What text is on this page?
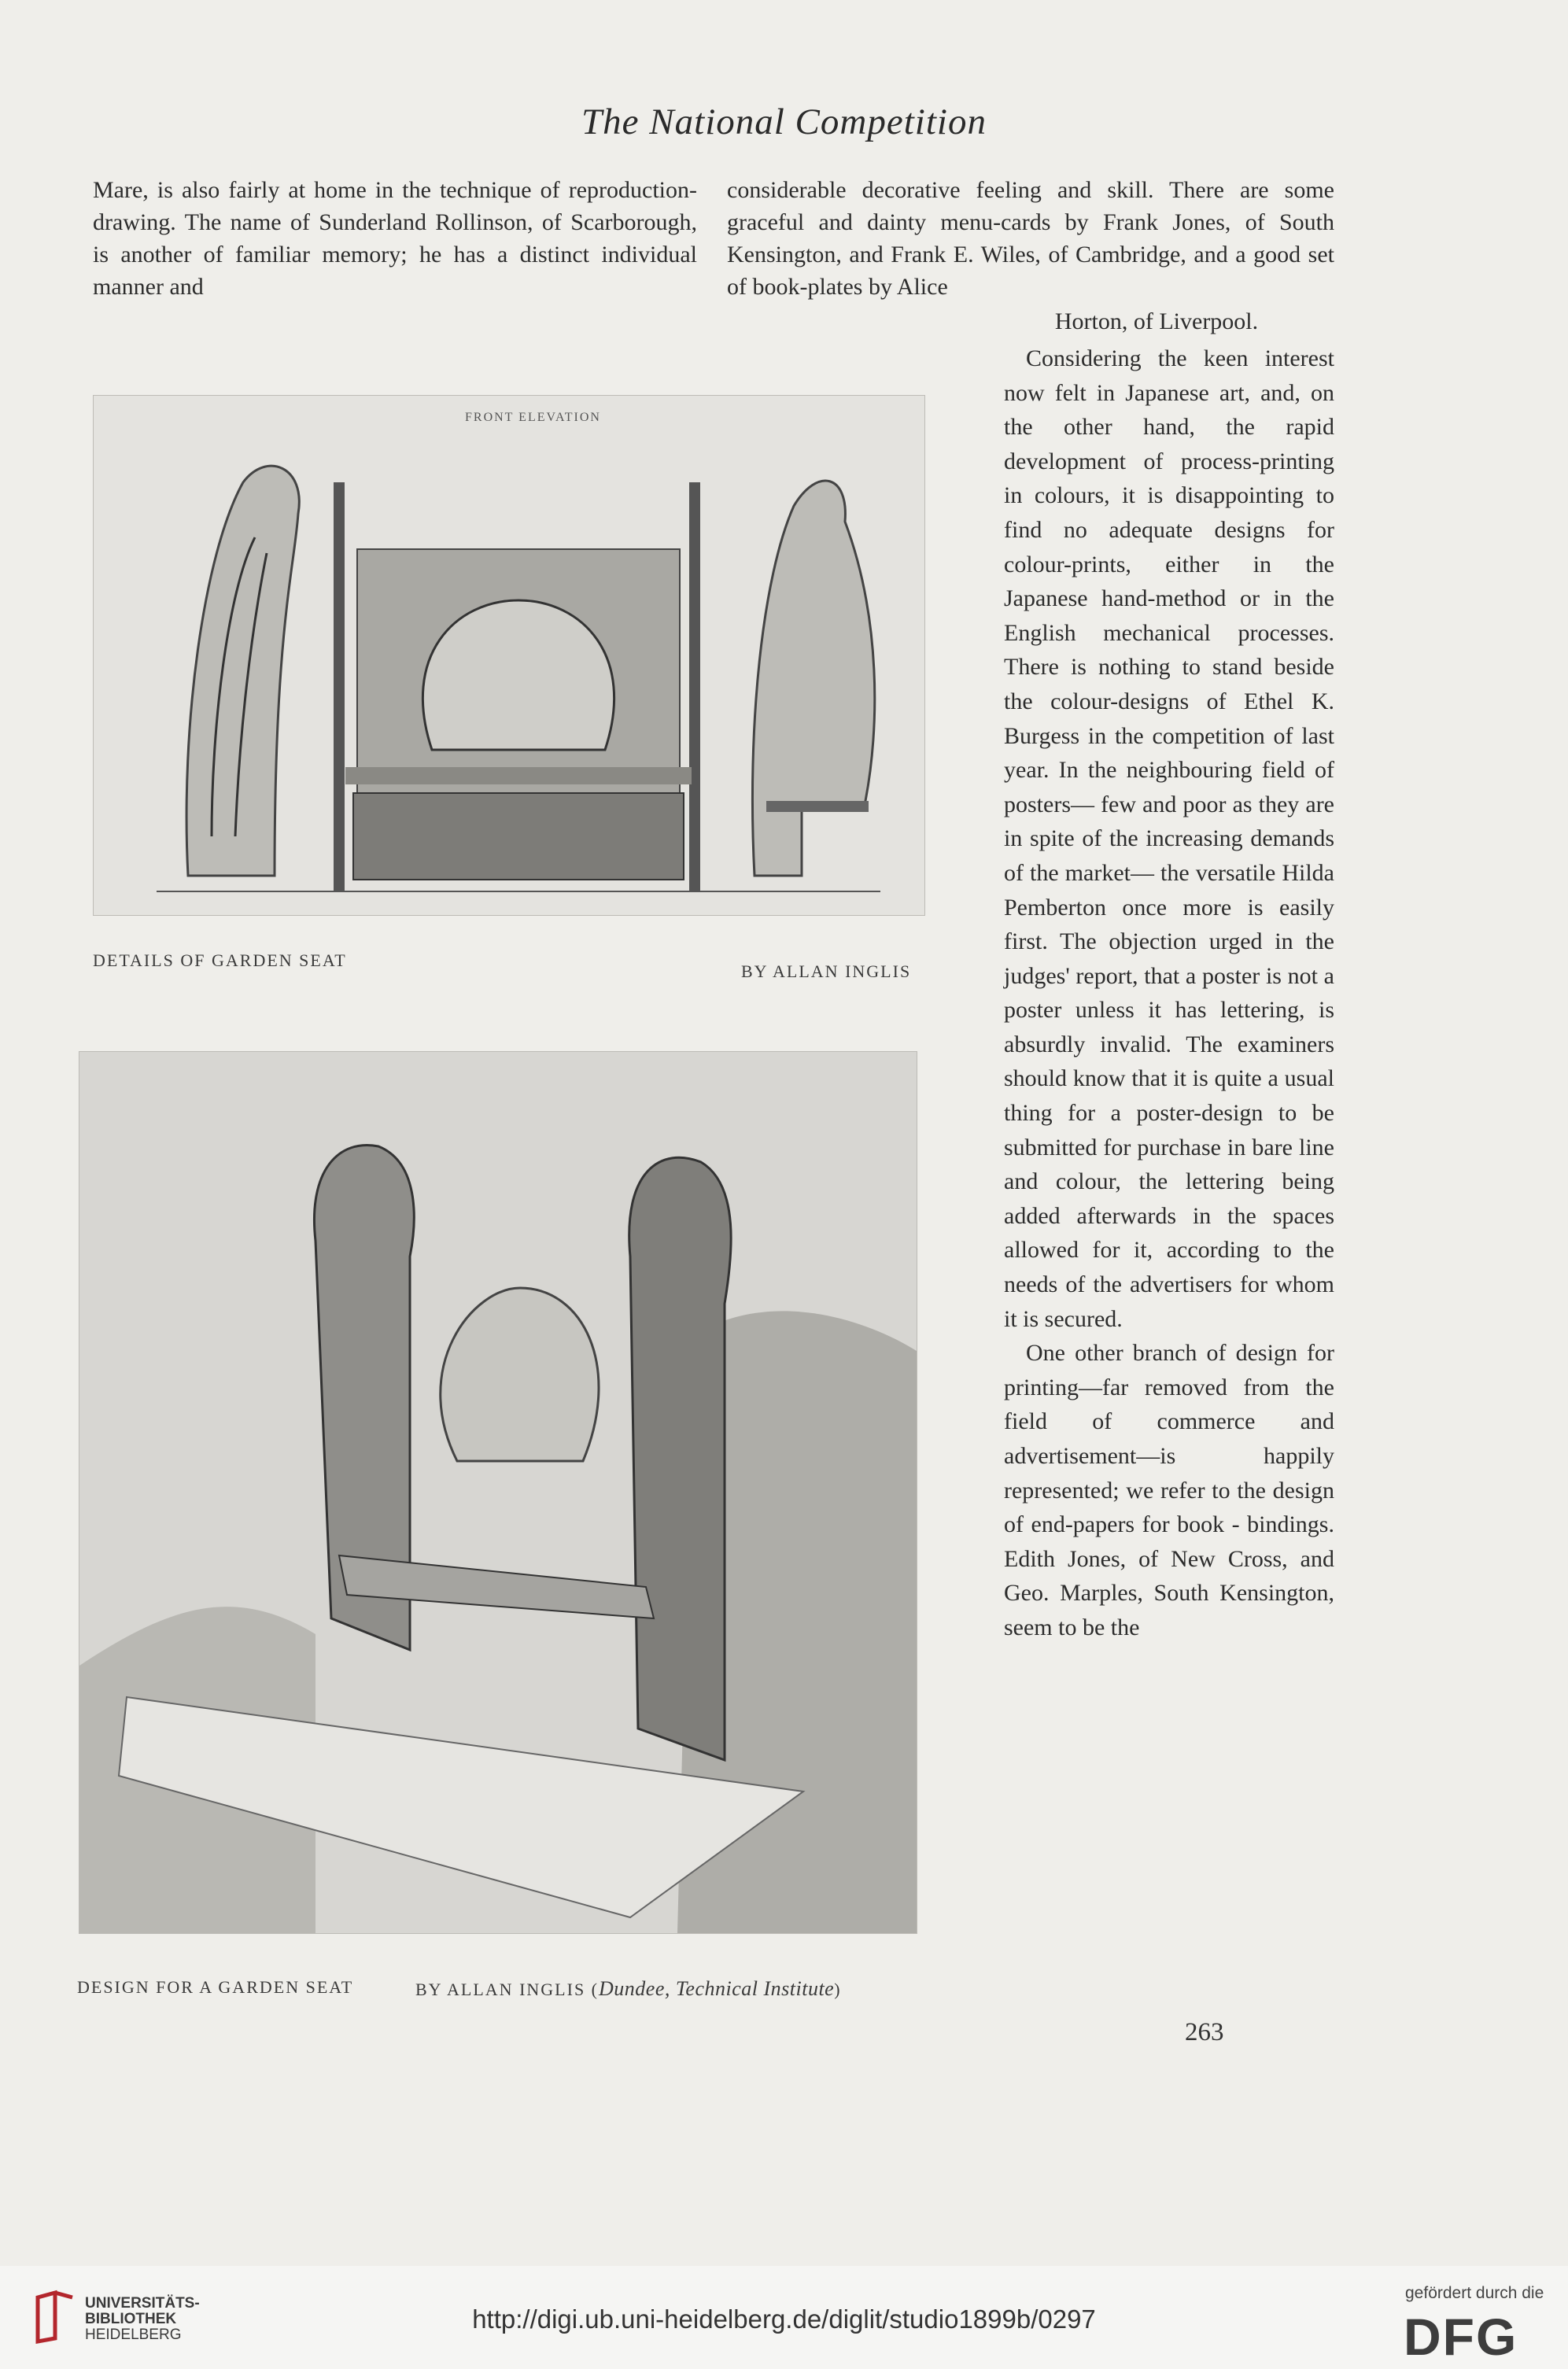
The National Competition

Mare, is also fairly at home in the technique of reproduction-drawing. The name of Sunderland Rollinson, of Scarborough, is another of familiar memory; he has a distinct individual manner and

considerable decorative feeling and skill. There are some graceful and dainty menu-cards by Frank Jones, of South Kensington, and Frank E. Wiles, of Cambridge, and a good set of book-plates by Alice

Horton, of Liverpool.

Considering the keen interest now felt in Japanese art, and, on the other hand, the rapid development of process-printing in colours, it is disappointing to find no adequate designs for colour-prints, either in the Japanese hand-method or in the English mechanical processes. There is nothing to stand beside the colour-designs of Ethel K. Burgess in the competition of last year. In the neighbouring field of posters— few and poor as they are in spite of the increasing demands of the market— the versatile Hilda Pemberton once more is easily first. The objection urged in the judges' report, that a poster is not a poster unless it has lettering, is absurdly invalid. The examiners should know that it is quite a usual thing for a poster-design to be submitted for purchase in bare line and colour, the lettering being added afterwards in the spaces allowed for it, according to the needs of the advertisers for whom it is secured.

One other branch of design for printing—far removed from the field of commerce and advertisement—is happily represented; we refer to the design of end-papers for book - bindings. Edith Jones, of New Cross, and Geo. Marples, South Kensington, seem to be the

FRONT ELEVATION
DETAILS OF GARDEN SEAT
BY ALLAN INGLIS
DESIGN FOR A GARDEN SEAT	BY ALLAN INGLIS (Dundee, Technical Institute)
263
UNIVERSITÄTS-
BIBLIOTHEK
HEIDELBERG
http://digi.ub.uni-heidelberg.de/diglit/studio1899b/0297
gefördert durch die
DFG
